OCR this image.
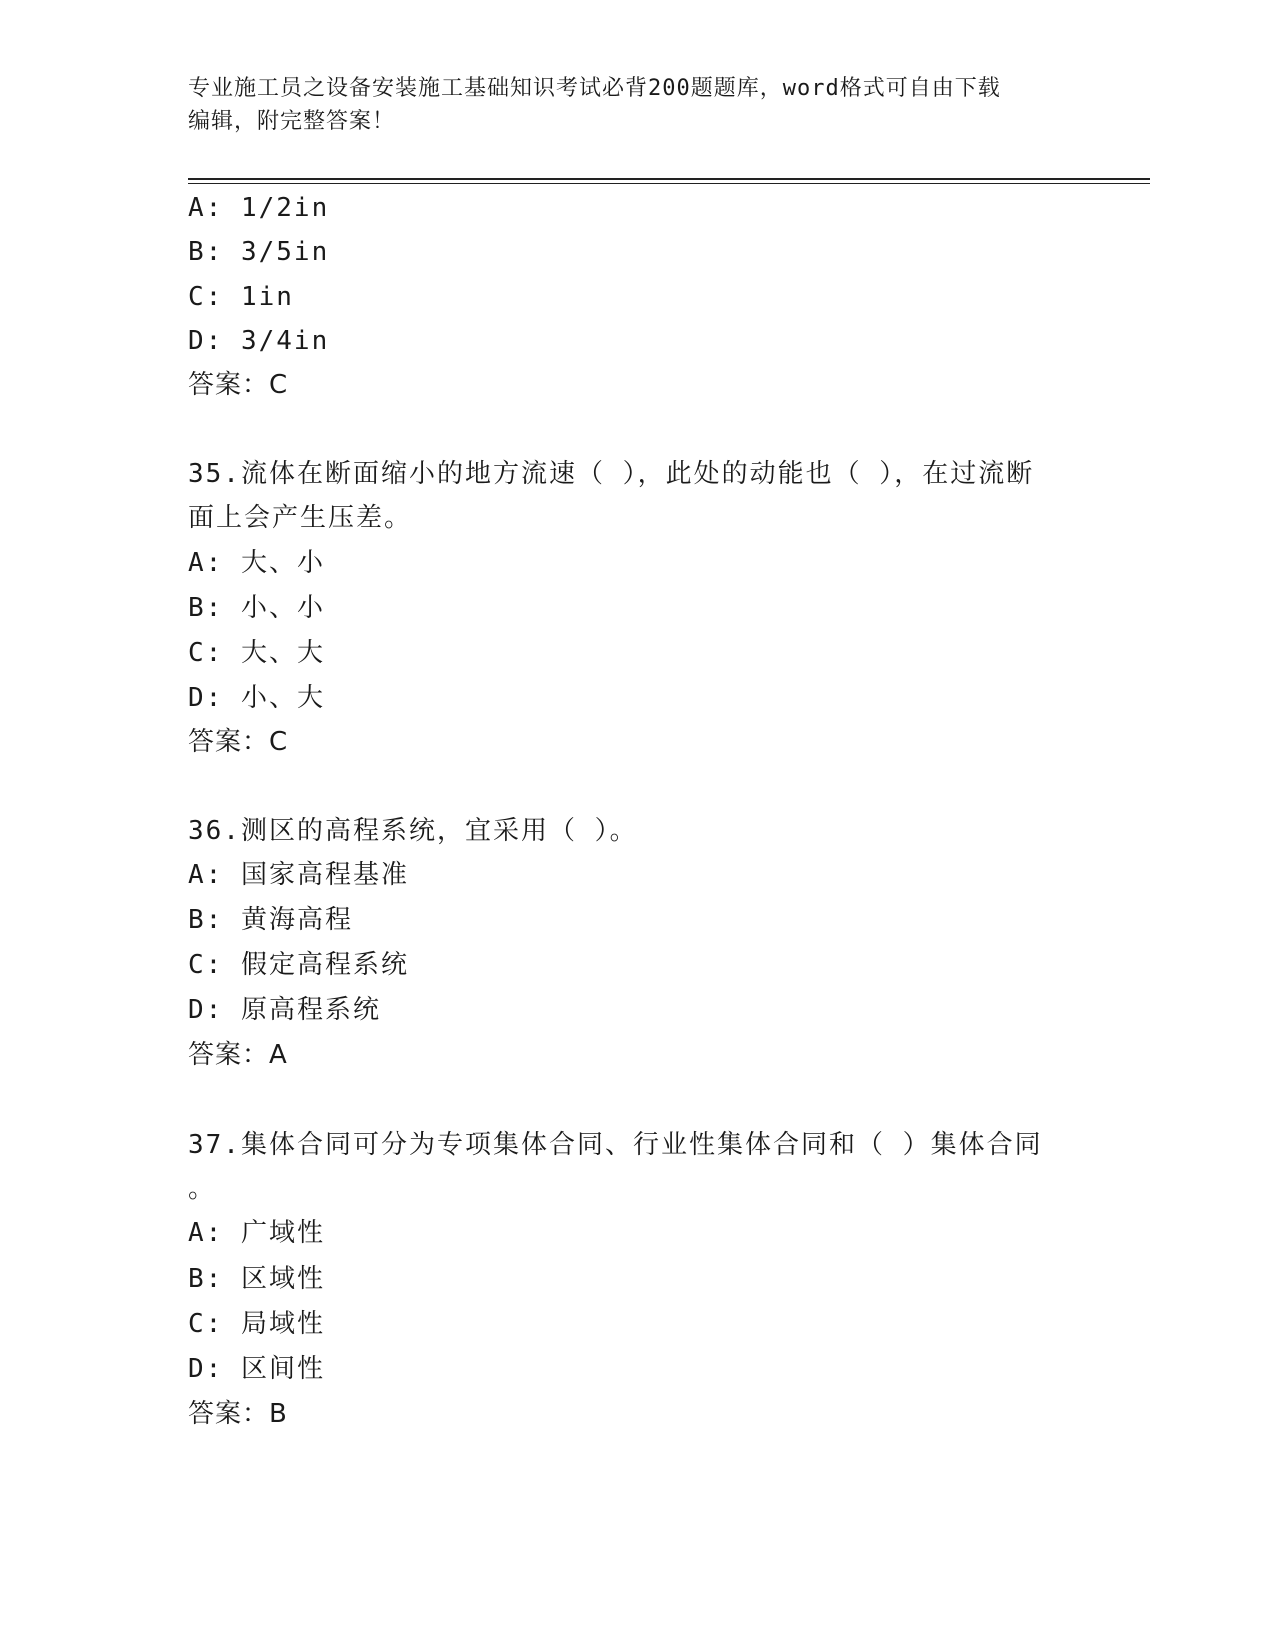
专业施工员之设备安装施工基础知识考试必背200题题库，word格式可自由下载
编辑，附完整答案！
A: 1/2in
B: 3/5in
C: 1in
D: 3/4in
答案：C
35.流体在断面缩小的地方流速（ ），此处的动能也（ ），在过流断
面上会产生压差。
A: 大、小
B: 小、小
C: 大、大
D: 小、大
答案：C
36.测区的高程系统，宜采用（ ）。
A: 国家高程基准
B: 黄海高程
C: 假定高程系统
D: 原高程系统
答案：A
37.集体合同可分为专项集体合同、行业性集体合同和（ ）集体合同
。
A: 广域性
B: 区域性
C: 局域性
D: 区间性
答案：B
